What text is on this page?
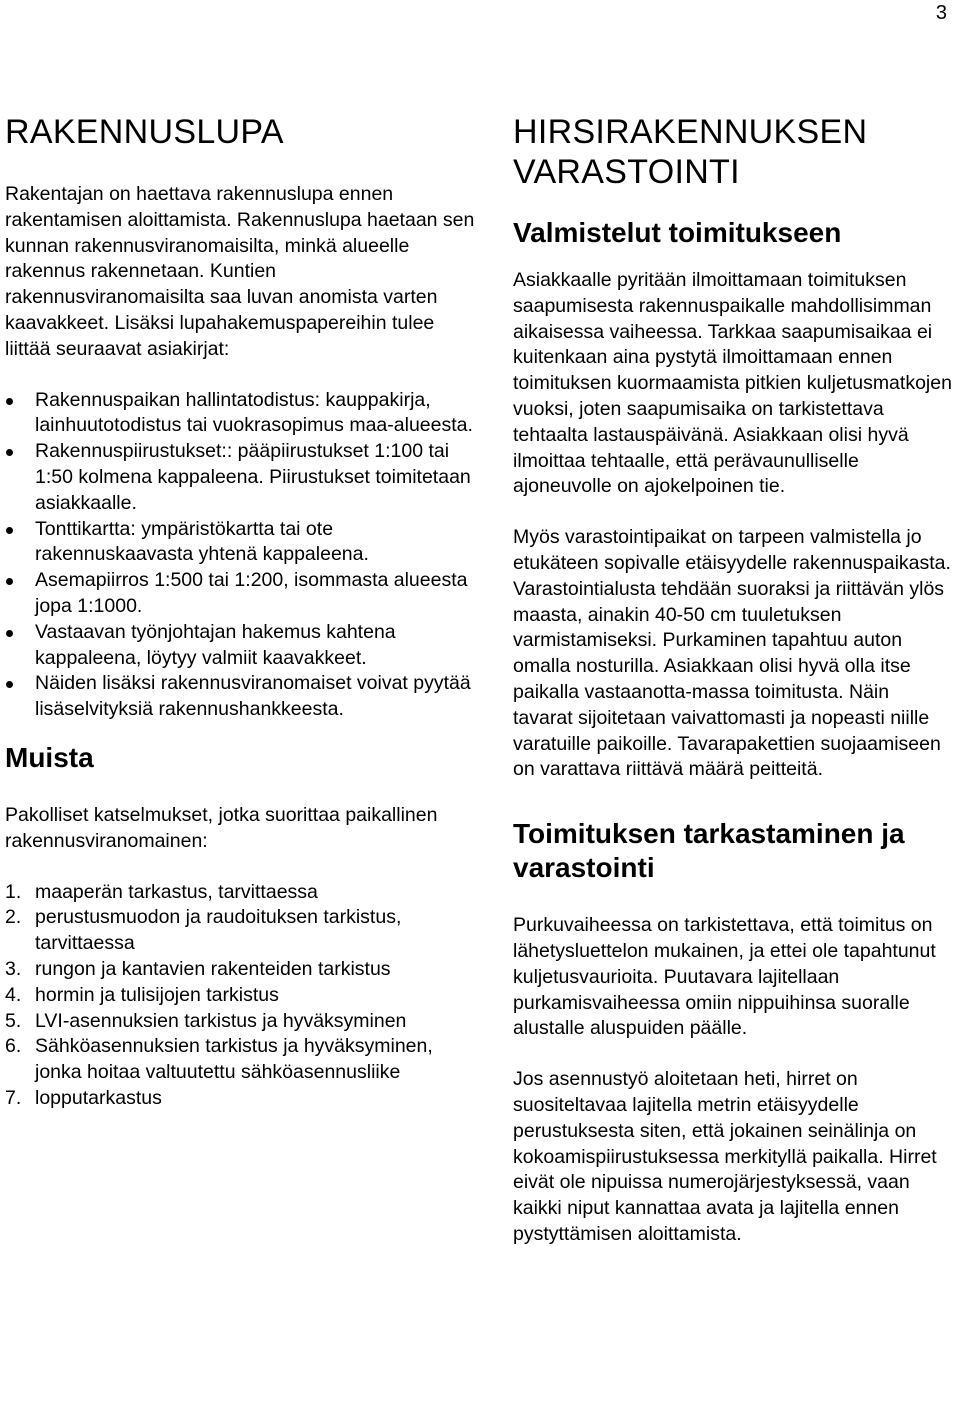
3
RAKENNUSLUPA

Rakentajan on haettava rakennuslupa ennen rakentamisen aloittamista. Rakennuslupa haetaan sen kunnan rakennusviranomaisilta, minkä alueelle rakennus rakennetaan. Kuntien rakennusviranomaisilta saa luvan anomista varten kaavakkeet. Lisäksi lupahakemuspapereihin tulee liittää seuraavat asiakirjat:

Rakennuspaikan hallintatodistus: kauppakirja, lainhuutotodistus tai vuokrasopimus maa-alueesta.
Rakennuspiirustukset:: pääpiirustukset 1:100 tai 1:50 kolmena kappaleena. Piirustukset toimitetaan asiakkaalle.
Tonttikartta: ympäristökartta tai ote rakennuskaavasta yhtenä kappaleena.
Asemapiirros 1:500 tai 1:200, isommasta alueesta jopa 1:1000.
Vastaavan työnjohtajan hakemus kahtena kappaleena, löytyy valmiit kaavakkeet.
Näiden lisäksi rakennusviranomaiset voivat pyytää lisäselvityksiä rakennushankkeesta.
Muista

Pakolliset katselmukset, jotka suorittaa paikallinen rakennusviranomainen:

1. maaperän tarkastus, tarvittaessa
2. perustusmuodon ja raudoituksen tarkistus, tarvittaessa
3. rungon ja kantavien rakenteiden tarkistus
4. hormin ja tulisijojen tarkistus
5. LVI-asennuksien tarkistus ja hyväksyminen
6. Sähköasennuksien tarkistus ja hyväksyminen, jonka hoitaa valtuutettu sähköasennusliike
7. lopputarkastus
HIRSIRAKENNUKSEN
VARASTOINTI
Valmistelut toimitukseen

Asiakkaalle pyritään ilmoittamaan toimituksen saapumisesta rakennuspaikalle mahdollisimman aikaisessa vaiheessa. Tarkkaa saapumisaikaa ei kuitenkaan aina pystytä ilmoittamaan ennen toimituksen kuormaamista pitkien kuljetusmatkojen vuoksi, joten saapumisaika on tarkistettava tehtaalta lastauspäivänä. Asiakkaan olisi hyvä ilmoittaa tehtaalle, että perävaunulliselle ajoneuvolle on ajokelpoinen tie.

Myös varastointipaikat on tarpeen valmistella jo etukäteen sopivalle etäisyydelle rakennuspaikasta. Varastointialusta tehdään suoraksi ja riittävän ylös maasta, ainakin 40-50 cm tuuletuksen varmistamiseksi. Purkaminen tapahtuu auton omalla nosturilla. Asiakkaan olisi hyvä olla itse paikalla vastaanotta-massa toimitusta. Näin tavarat sijoitetaan vaivattomasti ja nopeasti niille varatuille paikoille. Tavarapakettien suojaamiseen on varattava riittävä määrä peitteitä.

Toimituksen tarkastaminen ja
varastointi

Purkuvaiheessa on tarkistettava, että toimitus on lähetysluettelon mukainen, ja ettei ole tapahtunut kuljetusvaurioita. Puutavara lajitellaan purkamisvaiheessa omiin nippuihinsa suoralle alustalle aluspuiden päälle.

Jos asennustyö aloitetaan heti, hirret on suositeltavaa lajitella metrin etäisyydelle perustuksesta siten, että jokainen seinälinja on kokoamispiirustuksessa merkityllä paikalla. Hirret eivät ole nipuissa numerojärjestyksessä, vaan kaikki niput kannattaa avata ja lajitella ennen pystyttämisen aloittamista.
